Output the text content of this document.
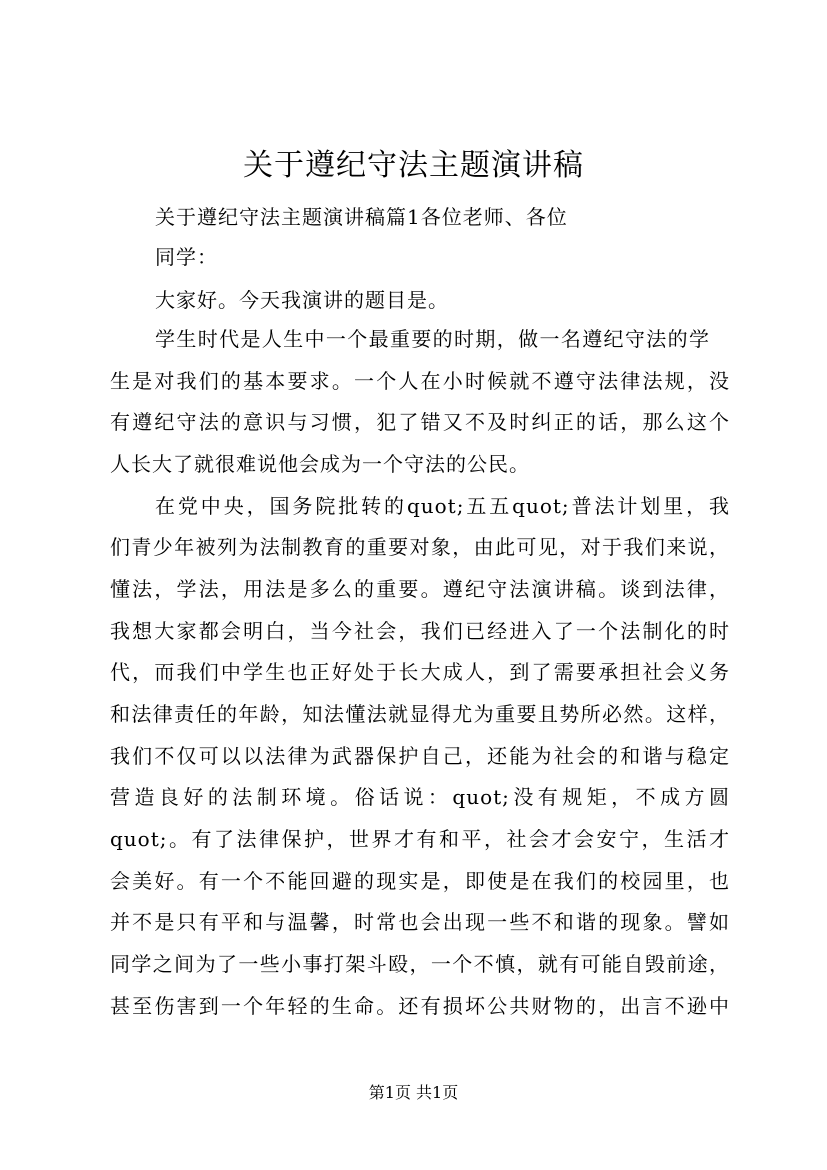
关于遵纪守法主题演讲稿
关于遵纪守法主题演讲稿篇1各位老师、各位
同学：
大家好。今天我演讲的题目是。
学生时代是人生中一个最重要的时期，做一名遵纪守法的学
生是对我们的基本要求。一个人在小时候就不遵守法律法规，没
有遵纪守法的意识与习惯，犯了错又不及时纠正的话，那么这个
人长大了就很难说他会成为一个守法的公民。
在党中央，国务院批转的quot;五五quot;普法计划里，我
们青少年被列为法制教育的重要对象，由此可见，对于我们来说，
懂法，学法，用法是多么的重要。遵纪守法演讲稿。谈到法律，
我想大家都会明白，当今社会，我们已经进入了一个法制化的时
代，而我们中学生也正好处于长大成人，到了需要承担社会义务
和法律责任的年龄，知法懂法就显得尤为重要且势所必然。这样，
我们不仅可以以法律为武器保护自己，还能为社会的和谐与稳定
营造良好的法制环境。俗话说：quot;没有规矩，不成方圆
quot;。有了法律保护，世界才有和平，社会才会安宁，生活才
会美好。有一个不能回避的现实是，即使是在我们的校园里，也
并不是只有平和与温馨，时常也会出现一些不和谐的现象。譬如
同学之间为了一些小事打架斗殴，一个不慎，就有可能自毁前途，
甚至伤害到一个年轻的生命。还有损坏公共财物的，出言不逊中
第1页 共1页
